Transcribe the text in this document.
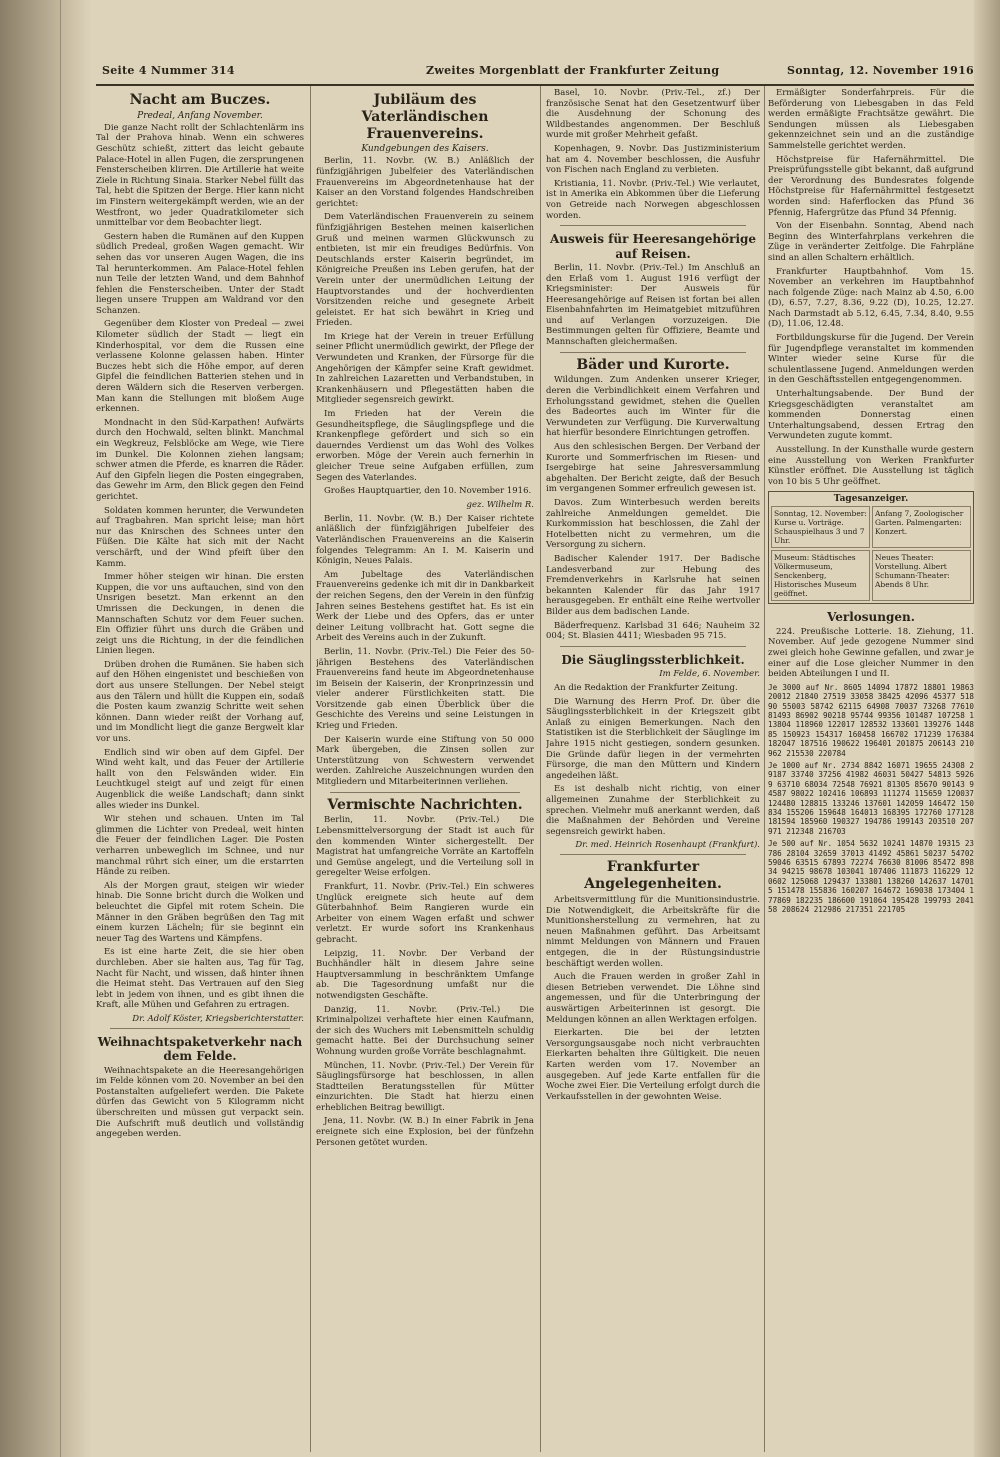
Seite 4 Nummer 314	Zweites Morgenblatt der Frankfurter Zeitung	Sonntag, 12. November 1916
Nacht am Buczes.
Predeal, Anfang November.

Die ganze Nacht rollt der Schlachtenlärm ins Tal der Prahova hinab. Wenn ein schweres Geschütz schießt, zittert das leicht gebaute Palace-Hotel in allen Fugen, die zersprungenen Fensterscheiben klirren. Die Artillerie hat weite Ziele in Richtung Sinaia. Starker Nebel füllt das Tal, hebt die Spitzen der Berge. Hier kann nicht im Finstern weitergekämpft werden, wie an der Westfront, wo jeder Quadratkilometer sich unmittelbar vor dem Beobachter liegt.

Gestern haben die Rumänen auf den Kuppen südlich Predeal, großen Wagen gemacht. Wir sehen das vor unseren Augen Wagen, die ins Tal herunterkommen. Am Palace-Hotel fehlen nun Teile der letzten Wand, und dem Bahnhof fehlen die Fensterscheiben. Unter der Stadt liegen unsere Truppen am Waldrand vor den Schanzen.

Gegenüber dem Kloster von Predeal — zwei Kilometer südlich der Stadt — liegt ein Kinderhospital, vor dem die Russen eine verlassene Kolonne gelassen haben. Hinter Buczes hebt sich die Höhe empor, auf deren Gipfel die feindlichen Batterien stehen und in deren Wäldern sich die Reserven verbergen. Man kann die Stellungen mit bloßem Auge erkennen.

Mondnacht in den Süd-Karpathen! Aufwärts durch den Hochwald, selten blinkt. Manchmal ein Wegkreuz, Felsblöcke am Wege, wie Tiere im Dunkel. Die Kolonnen ziehen langsam; schwer atmen die Pferde, es knarren die Räder. Auf den Gipfeln liegen die Posten eingegraben, das Gewehr im Arm, den Blick gegen den Feind gerichtet.

Soldaten kommen herunter, die Verwundeten auf Tragbahren. Man spricht leise; man hört nur das Knirschen des Schnees unter den Füßen. Die Kälte hat sich mit der Nacht verschärft, und der Wind pfeift über den Kamm.

Immer höher steigen wir hinan. Die ersten Kuppen, die vor uns auftauchen, sind von den Unsrigen besetzt. Man erkennt an den Umrissen die Deckungen, in denen die Mannschaften Schutz vor dem Feuer suchen. Ein Offizier führt uns durch die Gräben und zeigt uns die Richtung, in der die feindlichen Linien liegen.

Drüben drohen die Rumänen. Sie haben sich auf den Höhen eingenistet und beschießen von dort aus unsere Stellungen. Der Nebel steigt aus den Tälern und hüllt die Kuppen ein, sodaß die Posten kaum zwanzig Schritte weit sehen können. Dann wieder reißt der Vorhang auf, und im Mondlicht liegt die ganze Bergwelt klar vor uns.

Endlich sind wir oben auf dem Gipfel. Der Wind weht kalt, und das Feuer der Artillerie hallt von den Felswänden wider. Ein Leuchtkugel steigt auf und zeigt für einen Augenblick die weiße Landschaft; dann sinkt alles wieder ins Dunkel.

Wir stehen und schauen. Unten im Tal glimmen die Lichter von Predeal, weit hinten die Feuer der feindlichen Lager. Die Posten verharren unbeweglich im Schnee, und nur manchmal rührt sich einer, um die erstarrten Hände zu reiben.

Als der Morgen graut, steigen wir wieder hinab. Die Sonne bricht durch die Wolken und beleuchtet die Gipfel mit rotem Schein. Die Männer in den Gräben begrüßen den Tag mit einem kurzen Lächeln; für sie beginnt ein neuer Tag des Wartens und Kämpfens.

Es ist eine harte Zeit, die sie hier oben durchleben. Aber sie halten aus, Tag für Tag, Nacht für Nacht, und wissen, daß hinter ihnen die Heimat steht. Das Vertrauen auf den Sieg lebt in jedem von ihnen, und es gibt ihnen die Kraft, alle Mühen und Gefahren zu ertragen.

Dr. Adolf Köster, Kriegsberichterstatter.
Weihnachtspaketverkehr nach dem Felde.

Weihnachtspakete an die Heeresangehörigen im Felde können vom 20. November an bei den Postanstalten aufgeliefert werden. Die Pakete dürfen das Gewicht von 5 Kilogramm nicht überschreiten und müssen gut verpackt sein. Die Aufschrift muß deutlich und vollständig angegeben werden.

Jubiläum des Vaterländischen Frauenvereins.
Kundgebungen des Kaisers.

Berlin, 11. Novbr. (W. B.) Anläßlich der fünfzigjährigen Jubelfeier des Vaterländischen Frauenvereins im Abgeordnetenhause hat der Kaiser an den Vorstand folgendes Handschreiben gerichtet:

Dem Vaterländischen Frauenverein zu seinem fünfzigjährigen Bestehen meinen kaiserlichen Gruß und meinen warmen Glückwunsch zu entbieten, ist mir ein freudiges Bedürfnis. Von Deutschlands erster Kaiserin begründet, im Königreiche Preußen ins Leben gerufen, hat der Verein unter der unermüdlichen Leitung der Hauptvorstandes und der hochverdienten Vorsitzenden reiche und gesegnete Arbeit geleistet. Er hat sich bewährt in Krieg und Frieden.

Im Kriege hat der Verein in treuer Erfüllung seiner Pflicht unermüdlich gewirkt, der Pflege der Verwundeten und Kranken, der Fürsorge für die Angehörigen der Kämpfer seine Kraft gewidmet. In zahlreichen Lazaretten und Verbandstuben, in Krankenhäusern und Pflegestätten haben die Mitglieder segensreich gewirkt.

Im Frieden hat der Verein die Gesundheitspflege, die Säuglingspflege und die Krankenpflege gefördert und sich so ein dauerndes Verdienst um das Wohl des Volkes erworben. Möge der Verein auch fernerhin in gleicher Treue seine Aufgaben erfüllen, zum Segen des Vaterlandes.

Großes Hauptquartier, den 10. November 1916.

gez. Wilhelm R.

Berlin, 11. Novbr. (W. B.) Der Kaiser richtete anläßlich der fünfzigjährigen Jubelfeier des Vaterländischen Frauenvereins an die Kaiserin folgendes Telegramm: An I. M. Kaiserin und Königin, Neues Palais.

Am Jubeltage des Vaterländischen Frauenvereins gedenke ich mit dir in Dankbarkeit der reichen Segens, den der Verein in den fünfzig Jahren seines Bestehens gestiftet hat. Es ist ein Werk der Liebe und des Opfers, das er unter deiner Leitung vollbracht hat. Gott segne die Arbeit des Vereins auch in der Zukunft.

Berlin, 11. Novbr. (Priv.-Tel.) Die Feier des 50-jährigen Bestehens des Vaterländischen Frauenvereins fand heute im Abgeordnetenhause im Beisein der Kaiserin, der Kronprinzessin und vieler anderer Fürstlichkeiten statt. Die Vorsitzende gab einen Überblick über die Geschichte des Vereins und seine Leistungen in Krieg und Frieden.

Der Kaiserin wurde eine Stiftung von 50 000 Mark übergeben, die Zinsen sollen zur Unterstützung von Schwestern verwendet werden. Zahlreiche Auszeichnungen wurden den Mitgliedern und Mitarbeiterinnen verliehen.

Vermischte Nachrichten.

Berlin, 11. Novbr. (Priv.-Tel.) Die Lebensmittelversorgung der Stadt ist auch für den kommenden Winter sichergestellt. Der Magistrat hat umfangreiche Vorräte an Kartoffeln und Gemüse angelegt, und die Verteilung soll in geregelter Weise erfolgen.

Frankfurt, 11. Novbr. (Priv.-Tel.) Ein schweres Unglück ereignete sich heute auf dem Güterbahnhof. Beim Rangieren wurde ein Arbeiter von einem Wagen erfaßt und schwer verletzt. Er wurde sofort ins Krankenhaus gebracht.

Leipzig, 11. Novbr. Der Verband der Buchhändler hält in diesem Jahre seine Hauptversammlung in beschränktem Umfange ab. Die Tagesordnung umfaßt nur die notwendigsten Geschäfte.

Danzig, 11. Novbr. (Priv.-Tel.) Die Kriminalpolizei verhaftete hier einen Kaufmann, der sich des Wuchers mit Lebensmitteln schuldig gemacht hatte. Bei der Durchsuchung seiner Wohnung wurden große Vorräte beschlagnahmt.

München, 11. Novbr. (Priv.-Tel.) Der Verein für Säuglingsfürsorge hat beschlossen, in allen Stadtteilen Beratungsstellen für Mütter einzurichten. Die Stadt hat hierzu einen erheblichen Beitrag bewilligt.

Jena, 11. Novbr. (W. B.) In einer Fabrik in Jena ereignete sich eine Explosion, bei der fünfzehn Personen getötet wurden.

Basel, 10. Novbr. (Priv.-Tel., zf.) Der französische Senat hat den Gesetzentwurf über die Ausdehnung der Schonung des Wildbestandes angenommen. Der Beschluß wurde mit großer Mehrheit gefaßt.

Kopenhagen, 9. Novbr. Das Justizministerium hat am 4. November beschlossen, die Ausfuhr von Fischen nach England zu verbieten.

Kristiania, 11. Novbr. (Priv.-Tel.) Wie verlautet, ist in Amerika ein Abkommen über die Lieferung von Getreide nach Norwegen abgeschlossen worden.

Ausweis für Heeresangehörige auf Reisen.

Berlin, 11. Novbr. (Priv.-Tel.) Im Anschluß an den Erlaß vom 1. August 1916 verfügt der Kriegsminister: Der Ausweis für Heeresangehörige auf Reisen ist fortan bei allen Eisenbahnfahrten im Heimatgebiet mitzuführen und auf Verlangen vorzuzeigen. Die Bestimmungen gelten für Offiziere, Beamte und Mannschaften gleichermaßen.

Bäder und Kurorte.

Wildungen. Zum Andenken unserer Krieger, deren die Verbindlichkeit einem Verfahren und Erholungsstand gewidmet, stehen die Quellen des Badeortes auch im Winter für die Verwundeten zur Verfügung. Die Kurverwaltung hat hierfür besondere Einrichtungen getroffen.

Aus den schlesischen Bergen. Der Verband der Kurorte und Sommerfrischen im Riesen- und Isergebirge hat seine Jahresversammlung abgehalten. Der Bericht zeigte, daß der Besuch im vergangenen Sommer erfreulich gewesen ist.

Davos. Zum Winterbesuch werden bereits zahlreiche Anmeldungen gemeldet. Die Kurkommission hat beschlossen, die Zahl der Hotelbetten nicht zu vermehren, um die Versorgung zu sichern.

Badischer Kalender 1917. Der Badische Landesverband zur Hebung des Fremdenverkehrs in Karlsruhe hat seinen bekannten Kalender für das Jahr 1917 herausgegeben. Er enthält eine Reihe wertvoller Bilder aus dem badischen Lande.

Bäderfrequenz. Karlsbad 31 646; Nauheim 32 004; St. Blasien 4411; Wiesbaden 95 715.

Die Säuglingssterblichkeit.
Im Felde, 6. November.

An die Redaktion der Frankfurter Zeitung.

Die Warnung des Herrn Prof. Dr. über die Säuglingssterblichkeit in der Kriegszeit gibt Anlaß zu einigen Bemerkungen. Nach den Statistiken ist die Sterblichkeit der Säuglinge im Jahre 1915 nicht gestiegen, sondern gesunken. Die Gründe dafür liegen in der vermehrten Fürsorge, die man den Müttern und Kindern angedeihen läßt.

Es ist deshalb nicht richtig, von einer allgemeinen Zunahme der Sterblichkeit zu sprechen. Vielmehr muß anerkannt werden, daß die Maßnahmen der Behörden und Vereine segensreich gewirkt haben.

Dr. med. Heinrich Rosenhaupt (Frankfurt).
Frankfurter Angelegenheiten.

Arbeitsvermittlung für die Munitionsindustrie. Die Notwendigkeit, die Arbeitskräfte für die Munitionsherstellung zu vermehren, hat zu neuen Maßnahmen geführt. Das Arbeitsamt nimmt Meldungen von Männern und Frauen entgegen, die in der Rüstungsindustrie beschäftigt werden wollen.

Auch die Frauen werden in großer Zahl in diesen Betrieben verwendet. Die Löhne sind angemessen, und für die Unterbringung der auswärtigen Arbeiterinnen ist gesorgt. Die Meldungen können an allen Werktagen erfolgen.

Eierkarten. Die bei der letzten Versorgungsausgabe noch nicht verbrauchten Eierkarten behalten ihre Gültigkeit. Die neuen Karten werden vom 17. November an ausgegeben. Auf jede Karte entfallen für die Woche zwei Eier. Die Verteilung erfolgt durch die Verkaufsstellen in der gewohnten Weise.

Ermäßigter Sonderfahrpreis. Für die Beförderung von Liebesgaben in das Feld werden ermäßigte Frachtsätze gewährt. Die Sendungen müssen als Liebesgaben gekennzeichnet sein und an die zuständige Sammelstelle gerichtet werden.

Höchstpreise für Hafernährmittel. Die Preisprüfungsstelle gibt bekannt, daß aufgrund der Verordnung des Bundesrates folgende Höchstpreise für Hafernährmittel festgesetzt worden sind: Haferflocken das Pfund 36 Pfennig, Hafergrütze das Pfund 34 Pfennig.

Von der Eisenbahn. Sonntag, Abend nach Beginn des Winterfahrplans verkehren die Züge in veränderter Zeitfolge. Die Fahrpläne sind an allen Schaltern erhältlich.

Frankfurter Hauptbahnhof. Vom 15. November an verkehren im Hauptbahnhof nach folgende Züge: nach Mainz ab 4.50, 6.00 (D), 6.57, 7.27, 8.36, 9.22 (D), 10.25, 12.27. Nach Darmstadt ab 5.12, 6.45, 7.34, 8.40, 9.55 (D), 11.06, 12.48.

Fortbildungskurse für die Jugend. Der Verein für Jugendpflege veranstaltet im kommenden Winter wieder seine Kurse für die schulentlassene Jugend. Anmeldungen werden in den Geschäftsstellen entgegengenommen.

Unterhaltungsabende. Der Bund der Kriegsgeschädigten veranstaltet am kommenden Donnerstag einen Unterhaltungsabend, dessen Ertrag den Verwundeten zugute kommt.

Ausstellung. In der Kunsthalle wurde gestern eine Ausstellung von Werken Frankfurter Künstler eröffnet. Die Ausstellung ist täglich von 10 bis 5 Uhr geöffnet.

Tagesanzeiger.
Sonntag, 12. November: Kurse u. Vorträge. Schauspielhaus 3 und 7 Uhr.
Anfang 7, Zoologischer Garten. Palmengarten: Konzert.
Museum: Städtisches Völkermuseum, Senckenberg, Historisches Museum geöffnet.
Neues Theater: Vorstellung. Albert Schumann-Theater: Abends 8 Uhr.
Verlosungen.

224. Preußische Lotterie. 18. Ziehung, 11. November. Auf jede gezogene Nummer sind zwei gleich hohe Gewinne gefallen, und zwar je einer auf die Lose gleicher Nummer in den beiden Abteilungen I und II.

Je 3000 auf Nr. 8605 14094 17872 18801 19863 20012 21840 27519 33058 38425 42096 45377 51890 55003 58742 62115 64908 70037 73268 77610 81493 86902 90218 95744 99356 101487 107258 113804 118960 122017 128532 133601 139276 144885 150923 154317 160458 166702 171239 176384 182047 187516 190622 196401 201875 206143 210962 215530 220784
Je 1000 auf Nr. 2734 8842 16071 19655 24308 29187 33740 37256 41982 46031 50427 54813 59269 63710 68034 72548 76921 81305 85670 90143 94587 98022 102416 106893 111274 115659 120037 124480 128815 133246 137601 142059 146472 150834 155206 159648 164013 168395 172760 177128 181594 185960 190327 194786 199143 203510 207971 212348 216703
Je 500 auf Nr. 1054 5632 10241 14870 19315 23786 28104 32659 37013 41492 45861 50237 54702 59046 63515 67893 72274 76630 81006 85472 89834 94215 98678 103041 107406 111873 116229 120602 125068 129437 133801 138260 142637 147015 151478 155836 160207 164672 169038 173404 177869 182235 186600 191064 195428 199793 204158 208624 212986 217351 221705
